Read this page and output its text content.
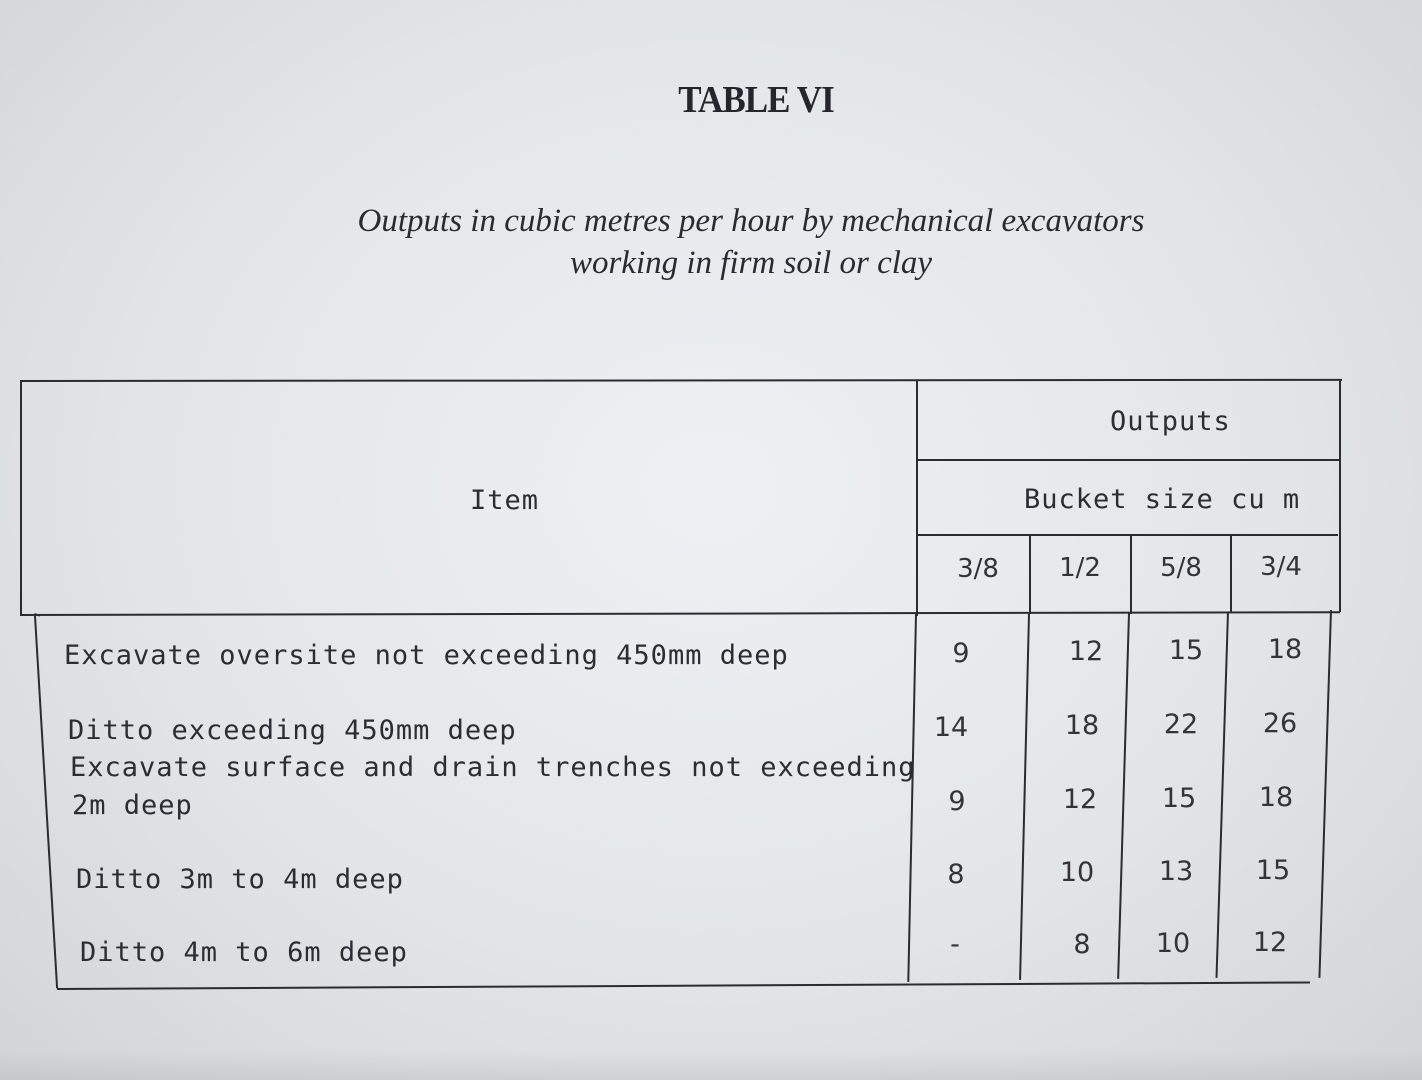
TABLE VI
Outputs in cubic metres per hour by mechanical excavators
working in firm soil or clay
Item
Outputs
Bucket size cu m
3/8	1/2	5/8	3/4
Excavate oversite not exceeding 450mm deep	9	12	15	18
Ditto exceeding 450mm deep	14	18	22	26
Excavate surface and drain trenches not exceeding
2m deep	9	12	15	18
Ditto 3m to 4m deep	8	10	13	15
Ditto 4m to 6m deep	-	8	10	12
